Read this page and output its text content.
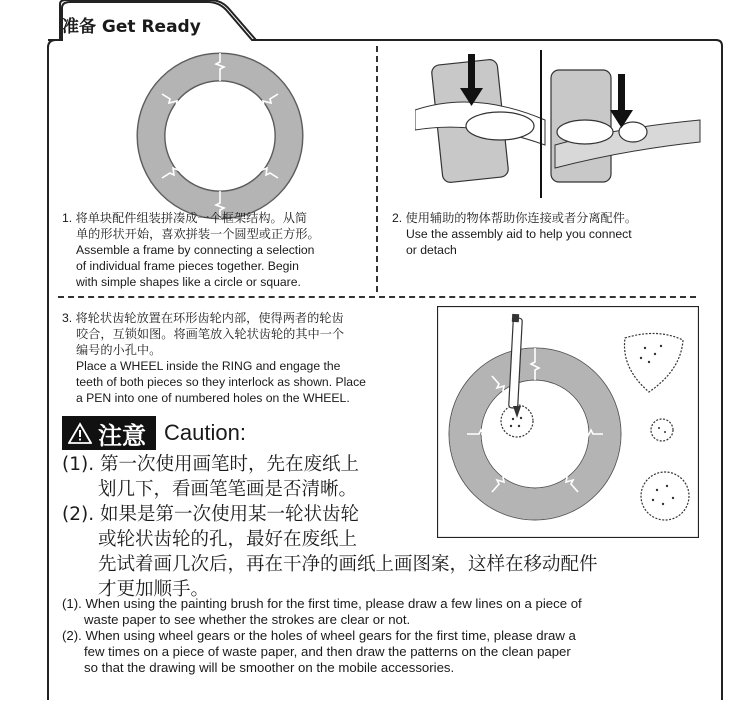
准备 Get Ready
1. 将单块配件组装拼凑成一个框架结构。从简
单的形状开始，喜欢拼装一个圆型或正方形。
Assemble a frame by connecting a selection
of individual frame pieces together. Begin
with simple shapes like a circle or square.
2. 使用辅助的物体帮助你连接或者分离配件。
Use the assembly aid to help you connect
or detach
3. 将轮状齿轮放置在环形齿轮内部，使得两者的轮齿
咬合，互锁如图。将画笔放入轮状齿轮的其中一个
编号的小孔中。
Place a WHEEL inside the RING and engage the
teeth of both pieces so they interlock as shown. Place
a PEN into one of numbered holes on the WHEEL.
注意 Caution:
(1). 第一次使用画笔时，先在废纸上
划几下，看画笔笔画是否清晰。
(2). 如果是第一次使用某一轮状齿轮
或轮状齿轮的孔，最好在废纸上
先试着画几次后，再在干净的画纸上画图案，这样在移动配件
才更加顺手。
(1). When using the painting brush for the first time, please draw a few lines on a piece of
waste paper to see whether the strokes are clear or not.
(2). When using wheel gears or the holes of wheel gears for the first time, please draw a
few times on a piece of waste paper, and then draw the patterns on the clean paper
so that the drawing will be smoother on the mobile accessories.
